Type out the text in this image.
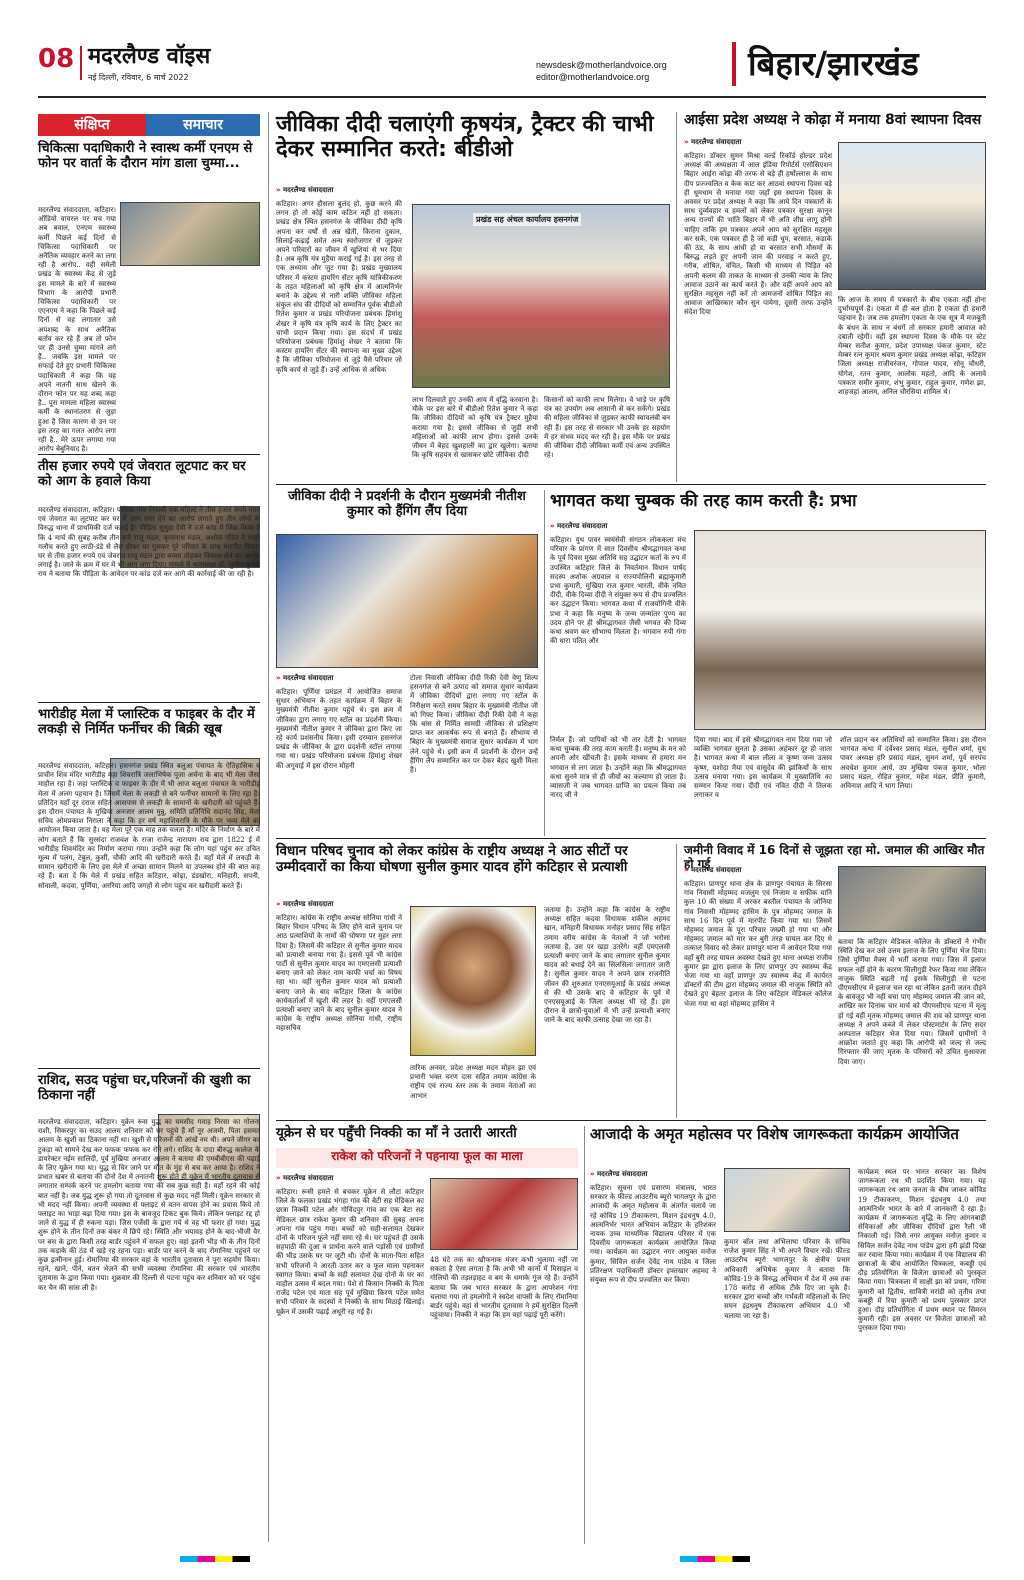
08 मदरलैण्ड वॉइस
नई दिल्ली, रविवार, 6 मार्च 2022
newsdesk@motherlandvoice.org
editor@motherlandvoice.org	बिहार/झारखंड
संक्षिप्त	समाचार
चिकित्सा पदाधिकारी ने स्वास्थ कर्मी एनएम से फोन पर वार्ता के दौरान मांग डाला चुम्मा...
मदरलैण्ड संवाददाता, कटिहार। ऑडियो वायरल पर मच गया अब बवाल, एनएम स्वास्थ्य कर्मी पिछले कई दिनों से चिकित्सा पदाधिकारी पर अनैतिक व्यवहार करने का लगा रही है आरोप.. वही समेली प्रखंड के स्वास्थ्य केंद्र से जुड़े इस मामले के बारे में स्वास्थ्य विभाग के आरोपी प्रभारी चिकित्सा पदाधिकारी पर एएनएम ने कहा कि पिछले कई दिनों से वह लगातार उसे अपशब्द के साथ अनैतिक बर्ताव कर रहे हैं अब तो फोन पर ही उनसे चुम्मा मांगने लगे हैं.. जबकि इस मामले पर सफाई देते हुए प्रभारी चिकित्सा पदाधिकारी ने कहा कि वह अपने नातनी साथ खेलने के दौरान फोन पर यह शब्द कहा है.. पूरा मामला महिला स्वास्थ्य कर्मी के स्थानांतरण से जुड़ा हुआ है जिस कारण से उन पर इस तरह का गलत आरोप लगा रही है.. मेरे ऊपर लगाया गया आरोप बेबुनियाद है।
तीस हजार रुपये एवं जेवरात लूटपाट कर घर को आग के हवाले किया
मदरलैण्ड संवाददाता, कटिहार। पोठिया गांव निवासी एक महिला ने तीस हजार रुपये नगद एवं जेवरात का लूटपाट कर घर में आग लगा देने का आरोप लगाते हुए तीन लोगों के विरुद्ध थाना में प्राथमिकी दर्ज कराई है। पीड़िता सुमुद्रा देवी ने दर्ज कांड में जिक्र किया है कि 4 मार्च की सुबह करीब तीन बजे राजू मंडल, कृपानाथ मंडल, अशोक पंडित ने गाली गलौच करते हुए लाठी-डंडे से लैस होकर घर घुसकर पूरे परिवार के साथ मारपीट किया। घर से तीस हजार रुपये एवं जेवरात राजू मंडल द्वारा बक्सा तोड़कर निकाल लेने का आरोप लगाई है। जाने के क्रम में घर में भी आग लगा दिया। मामले में थानाध्यक्ष डॉ. सुनील कुमार राय ने बताया कि पीड़िता के आवेदन पर कांड दर्ज कर आगे की कार्रवाई की जा रही है।
भारीडीह मेला में प्लास्टिक व फाइबर के दौर में लकड़ी से निर्मित फर्नीचर की बिक्री खूब
मदरलैण्ड संवाददाता, कटिहार। हसनगंज प्रखंड स्थित बलुआ पंचायत के ऐतिहासिक व प्राचीन शिव मंदिर भारीडीह महा शिवरात्रि जलाभिषेक पूजा अर्चना के बाद भी मेला जैसा माहौल रहा है। जहां प्लास्टिक व फाइबर के दौर में भी आज बलुआ पंचायत के भारीडीह मेला में अलग पहचान है। जिसमें मेला के लकड़ी से बने फर्नीचर सामानों के लिए रहा है। प्रतिदिन यहाँ दूर दराज सहित आसपास से लकड़ी के सामानों के खरीदारी को पहुंचते हैं। इस दौरान पंचायत के मुखिया अनजार आलम मुन्नु, समिति प्रतिनिधि सदानंद सिंह, मेला सचिव ओमप्रकाश निराला ने कहा कि हर वर्ष महाशिवरात्रि के मौके पर भव्य मेले का आयोजन किया जाता है। यह मेला पूरे एक माह तक चलता है। मंदिर के निर्माण के बारे में लोग बताते हैं कि सुरसंदा राजवंश के राजा राजेन्द्र नारायण राय द्वारा 1822 ई में भारीडीह शिवमंदिर का निर्माण कराया गया। उन्होंने कहा कि लोग यहां पहुंच कर उचित मूल्य में पलंग, टेबुल, कुर्सी, चौकी आदि की खरीदारी करते हैं। यहाँ मेले में लकड़ी के सामान खरीदारी के लिए इस मेले में अच्छा सामान मिलने या उपलब्ध होने की बात कह रहे हैं। बता दें कि मेले में प्रखंड सहित कटिहार, कोढ़ा, डंडखोरा, मनिहारी, सपनी, सोनाली, कदवा, पूर्णिया, अररिया आदि जगहों से लोग पहुंच कर खरीदारी करते हैं।
राशिद, सउद पहुंचा घर,परिजनों की खुशी का ठिकाना नहीं
मदरलैण्ड संवाददाता, कटिहार। यूक्रेन रूस युद्ध का घमसीद गवाह निरसा का गोलना राशी, सिकरपुर का सउद आलम शनिवार को घर पहुंचे हैं माँ नूर अजमी, पिता हसमत आलम के खुशी का ठिकाना नहीं था। खुशी से परिजनों की आंखें नम थी। अपने जीगर का टुकड़ा को सामने देख कर फफक फफक कर रोने लगे। राशिद के दादा बीरुद्ध कालेज के डायरेक्टर नईम सालिदी, पूर्व मुखिया अनजार आलम ने बताया की एमबीबीएस की पढ़ाई के लिए यूक्रेन गया था। युद्ध से घिर जाने पर मौत के मुंह से बच कर आया है। राशिद ने प्रभात खबर से बताया की दोनो देश में तनातनी शुरू होते ही यूक्रेन में भारतीय दूतावास से लगातार सम्पर्क करने पर हमलोग बताया गया की सब कुछ सही है। यहाँ रहने की कोई बात नहीं है। जब युद्ध शुरू हो गया तो दूतावास से कुछ मदद नहीं मिली। यूक्रेन सरकार से भी मदद नहीं किया। अपनी व्यवस्था से फ्लाइट से वतन वापस होने का प्रयास किये तो फ्लाइट का भाड़ा बढ़ा दिया गया। इस के बावजूद टिकट बुक किये। लेकिन फ्लाइट रद्द हो जाने से युद्ध में ही रुकना पड़ा। जिस एजेंसी के द्वारा गये थे वह भी फरार हो गया। युद्ध शुरू होने के तीन दिनों तक बंकर में छिपे रहे। स्थिति और भयावह होने के बाद-भीजी वैर पर बस के द्वारा किसी तरह बार्डर पहुंचने में सफल हुए। वहां इतनी भीड़ थी के तीन दिनों तक कड़ाके की ठंड में खड़े रह रहना पड़ा। बार्डर पार करने के बाद रोमानिया पहुंचने पर कुछ इत्मीनान हुई। रोमानिया की सरकार वहां के भारतीय दूतावास ने पूरा सहयोग किया। रहने, खाने, पीने, वतन भेजने की सभी व्यवस्था रोमानिया की सरकार एवं भारतीय दूतावास के द्वारा किया गया। शुक्रवार की दिल्ली से पटना पहुंच कर शनिवार को घर पहुंच कर चैन की सांस ली है।
जीविका दीदी चलाएंगी कृषयंत्र, ट्रैक्टर की चाभी देकर सम्मानित करते: बीडीओ
» मदरलैण्ड संवाददाता
कटिहार। अगर हौसला बुलंद हो, कुछ करने की लगन हो तो कोई काम कठिन नहीं हो सकता। प्रखंड क्षेत्र स्थित हसनगंज के जीविका दीदी कृषि अपना कर वर्षों से अन्न खेती, किराना दुकान, सिलाई-कढ़ाई समेत अन्य स्वरोजगार से जुड़कर अपने परिवारों का जीवन में खुशियां से भर दिया है। अब कृषि यंत्र मुहैया कराई गई है। इस तरह से एक अध्याय और जुट गया है। प्रखंड मुख्यालय परिसर में कस्टम हायरिंग सेंटर कृषि यांत्रिकीकरण के तहत महिलाओं को कृषि क्षेत्र में आत्मनिर्भर बनाने के उद्देश्य से नारी शक्ति जीविका महिला संकुल संघ की दीदियों को सम्मानित पूर्वक बीडीओ रितेश कुमार व प्रखंड परियोजना प्रबंधक हिमांशु शेखर ने कृषि यंत्र कृषि कार्य के लिए ट्रैक्टर का चाभी प्रदान किया गया। इस संदर्भ में प्रखंड परियोजना प्रबंधक हिमांशु शेखर ने बताया कि कस्टम हायरिंग सेंटर की स्थापना का मुख्य उद्देश्य है कि जीविका परियोजना से जुड़े वैसे परिवार जो कृषि कार्य से जुड़े हैं। उन्हें आधिक से अधिक
प्रखंड सह अंचल कार्यालय हसनगंज
लाभ दिलवाते हुए उनकी आय में वृद्धि करवाना है। मौके पर इस बारे में बीडीओ रितेश कुमार ने कहा कि जीविका दीदियों को कृषि यंत्र ट्रैक्टर मुहैया कराया गया है। इससे जीविका से जुड़ी सभी महिलाओं को काफी लाभ होगा। इससे उनके जीवन में बेहद खुशहाली का द्वार खुलेगा। बताया कि कृषि सहयंत्र से खासकर छोटे जीविका दीदी
किसानों को काफी लाभ मिलेगा। वे भाड़े पर कृषि यंत्र का उपयोग अब आसानी से कर सकेंगे। प्रखंड की महिला जीविका से जुड़कर काफी स्वावलंबी बन रही हैं। इस तरह से सरकार भी उनके हर सहयोग में हर संभव मदद कर रही है। इस मौके पर प्रखंड की जीविका दीदी जीविका कर्मी एवं अन्य उपस्थित रहे।
आईसा प्रदेश अध्यक्ष ने कोढ़ा में मनाया 8वां स्थापना दिवस
» मदरलैण्ड संवाददाता
कटिहार। डॉक्टर सुमन मिश्रा वर्ल्ड रिकॉर्ड होल्डर प्रदेश अध्यक्ष की अध्यक्षता में आल इंडिया रिपोर्टर्स एसोसिएशन बिहार आईरा कोढ़ा की तरफ से बड़े ही हर्षोल्लास के साथ दीप प्रज्ज्वलित व केक काट कर आठवां स्थापना दिवस बड़े ही धूमधाम से मनाया गया जहाँ इस स्थापना दिवस के अवसर पर प्रदेश अध्यक्ष ने कहा कि आये दिन पत्रकारों के साथ दुर्व्यवहार व हमलों को लेकर पत्रकार सुरक्षा कानून अन्य राज्यों की भांति बिहार में भी अति शीघ्र लागू होनी चाहिए ताकि हम पत्रकार अपने आप को सुरक्षित महसूस कर सकें, एक पत्रकार ही है जो कड़ी धूप, बरसात, कड़ाके की ठंड, के साथ आंधी हो या बरसात सभी मौसमों के बिरुद्ध लड़ते हुए अपनी जान की परवाह न करते हुए, गरीब, शोषित, वंचित, किसी भी माध्यम से पिड़ित को अपनी कलम की ताकत के माध्यम से उनकी न्याय के लिए आवाज उठाने का कार्य करते हैं। और वहीं अपने आप को सुरक्षित महसूस नहीं करें तो आमजनों शोषित पिड़ित का आवाज आखिरकार कौन सुन पायेगा, दूसरी तरफ उन्होंने संदेश दिया
कि आज के समय में पत्रकारों के बीच एकता नहीं होना दुर्भाग्यपूर्ण है। एकता में ही बल होता है एकता ही हमारी पहचान है। जब तक हमलोग एकता के एक सूत्र में मजबूती के बंधन के साथ न बंधगें तो सरकार हमारी आवाज को दबाती रहेगी। वहीं इस स्थापना दिवस के मौके पर स्टेट मेम्बर सतीश कुमार, प्रदेश उपाध्यक्ष पंकज कुमार, स्टेट मेम्बर रत्न कुमार श्रवण कुमार प्रखंड अध्यक्ष कोढ़ा, कटिहार जिला अध्यक्ष राजीवरंजन, गोपाल यादव, सोनू चौधरी, योगेश, रतन कुमार, आलोक महतो, आदि के अलावे पत्रकार समीर कुमार, शंभु कुमार, राहुल कुमार, गणेश झा, शाहजहां आलम, अनिल चौरसिया शामिल थे।
जीविका दीदी ने प्रदर्शनी के दौरान मुख्यमंत्री नीतीश कुमार को हैंगिंग लैंप दिया
» मदरलैण्ड संवाददाता
कटिहार। पूर्णिया प्रमंडल में आयोजित समाज सुधार अभियान के तहत कार्यक्रम में बिहार के मुख्यमंत्री नीतीश कुमार पहुंचे थे। इस क्रम में जीविका द्वारा लगाए गए स्टॉल का प्रदर्शनी किया। मुख्यमंत्री नीतीश कुमार ने जीविका द्वारा किए जा रहे कार्य प्रशंसनीय किया। इसी दरम्यान हसनगंज प्रखंड के जीविका के द्वारा प्रदर्शनी स्टॉल लगाया गया था। प्रखंड परियोजना प्रबंधक हिमांशु शेखर की अगुवाई में इस दौरान मोहनी
टोला निवासी जीविका दीदी रिंकी देवी वेणु शिल्प हसनगंज से बने उत्पाद को समाज सुधार कार्यक्रम में जीविका दीदियों द्वारा लगाए गए स्टॉल के निरीक्षण करते समय बिहार के मुख्यमंत्री नीतीश जी को गिफ्ट किया। जीविका दीदी रिंकी देवी ने कहा कि बांस से निर्मित सामग्री जीविका से प्रशिक्षण प्राप्त कर आकर्षक रूप से बनाते हैं। सौभाग्य से बिहार के मुख्यमंत्री समाज सुधार कार्यक्रम में भाग लेने पहुंचे थे। इसी क्रम में प्रदर्शनी के दौरान उन्हें हैंगिंग लैंप सम्मानित कर पर देकर बेहद खुशी मिला है।
भागवत कथा चुम्बक की तरह काम करती है: प्रभा
» मदरलैण्ड संवाददाता
कटिहार। युथ पावर स्वयंसेवी संगठन लोककला मंच परिवार के प्रांगण में सात दिवसीय श्रीमद्भागवत कथा के पूर्व दिवस मुख्य अतिथि सह उद्घाटन कर्ता के रुप में उपस्थित कटिहार जिले के निवर्तमान विधान पार्षद सदस्य अशोक अग्रवाल व राज्यपोलिनी ब्रह्माकुमारी प्रभा कुमारी, मुखिया राज कुमार भारती, वीके नवित दीदी, वीके दिव्या दीदी ने संयुक्त रूप से दीप प्रज्वलित कर उद्घाटन किया। भागवत कथा में राजयोगिनी वीके प्रभा ने कहा कि मनुष्य के जन्म जन्मांतर पुण्य का उदय होने पर ही श्रीमद्भागवत जैसी भगवत की दिव्य कथा श्रवण कर सौभाग्य मिलता है। भगवान रुपी गंगा की धारा पतित और
निर्मल हैं। जो पापियों को भी तार देती है। भागवत कथा चुम्बक की तरह काम करती है। मनुष्य के मन को अपनी ओर खींचती है। इसके माध्यम से हमारा मन भगवान से लग जाता है। उन्होंने कहा कि श्रीमद्भागवत कथा सुनने मात्र से ही जीवों का कल्याण हो जाता है। व्यासजी ने जब भागवत प्राप्ति का प्रयत्न किया तब नारद जी ने
दिया गया। बाद में इसे श्रीमद्भागवत नाम दिया गया जो व्यक्ति भागवत सुनता है उसका अहंकार दूर हो जाता है। भागवत कथा में बाल लीला व कृष्ण जन्म उत्सव कृष्ण, यशोदा मैया एवं वासुदेव की झांकियों के साथ उत्सव मनाया गया। इस कार्यक्रम में मुख्यातिथि का सम्मान किया गया। दीदी एवं नवित दीदी ने तिलक लगाकर व
शॉल प्रदान कर अतिथियों को सम्मानित किया। इस दौरान भागवत कथा में दर्वेश्वर प्रसाद मंडल, सुनील शर्मा, युथ पावर अध्यक्ष हरि प्रसाद मंडल, सुमन शर्मा, पूर्व सरपंच अवधेश कुमार आर्य, उप मुखिया पंकज कुमार, भोला प्रसाद मंडल, रोहित कुमार, महेश मंडल, प्रीति कुमारी, अविनाश आदि ने भाग लिया।
विधान परिषद चुनाव को लेकर कांग्रेस के राष्ट्रीय अध्यक्ष ने आठ सीटों पर उम्मीदवारों का किया घोषणा सुनील कुमार यादव होंगे कटिहार से प्रत्याशी
» मदरलैण्ड संवाददाता
कटिहार। कांग्रेस के राष्ट्रीय अध्यक्ष सोनिया गांधी ने बिहार विधान परिषद के लिए होने वाले चुनाव पर आठ प्रत्याशियों के नामों की घोषणा पर मुहर लगा दिया है। जिसमें की कटिहार से सुनील कुमार यादव को प्रत्याशी बनाया गया है। इससे पूर्व भी कांग्रेस पार्टी से सुनील कुमार यादव का एमएलसी प्रत्याशी बनाए जाने को लेकर नाम काफी चर्चा का विषय रहा था। वहीं सुनील कुमार यादव को प्रत्याशी बनाए जाने के बाद कटिहार जिला के कांग्रेस कार्यकर्ताओं में खुशी की लहर है। वहीं एमएलसी प्रत्याशी बनाए जाने के बाद सुनील कुमार यादव ने कांग्रेस के राष्ट्रीय अध्यक्ष सोनिया गांधी, राष्ट्रीय महासचिव
तारिक अनवर, प्रदेश अध्यक्ष मदन मोहन झा एवं प्रभारी भक्त चरण दास सहित तमाम कांग्रेस के राष्ट्रीय एवं राज्य स्तर तक के तमाम नेताओं का आभार
जताया है। उन्होंने कहा कि कांग्रेस के राष्ट्रीय अध्यक्ष सहित कदवा विधायक शकील अहमद खान, मनिहारी विधायक मनोहर प्रसाद सिंह सहित तमाम वरीय कांग्रेस के नेताओं ने जो भरोसा जताया है, उस पर खड़ा उतरेंगे। वहीं एमएलसी प्रत्याशी बनाए जाने के बाद लगातार सुनील कुमार यादव को बधाई देने का सिलसिला लगातार जारी है। सुनील कुमार यादव ने अपने छात्र राजनीति जीवन की शुरुआत एनएसयूआई के प्रखंड अध्यक्ष से की थी उसके बाद वे कटिहार के पूर्व में एनएसयूआई के जिला अध्यक्ष भी रहे हैं। इस दौरान वे छात्रों-युवाओं में भी उन्हें प्रत्याशी बनाए जाने के बाद काफी उत्साह देखा जा रहा है।
जमीनी विवाद में 16 दिनों से जूझता रहा मो. जमाल की आखिर मौत हो गई
» मदरलैण्ड संवाददाता
कटिहार। प्राणपुर थाना क्षेत्र के प्राणपुर पंचायत के सिरसा गांव निवासी मोहम्मद मजलुम एवं निजाम व सफीक यानि कुल 10 की संख्या में अरकर बस्तील पंचायत के जोनिया गांव निवासी मोहम्मद हासिम के पुत्र मोहम्मद जमाल के साथ 16 दिन पूर्व में मारपीट किया गया था। जिसमें मोहम्मद जमाल के पूरा परिवार जख्मी हो गया था और मोहम्मद जमाल को मार कर बुरी तरह घायल कर दिए थे तत्काल विवाद को लेकर प्राणपुर थाना में आवेदन दिया गया वहाँ बुरी तरह घायल अवस्था देखते हुए थाना अध्यक्ष राजीव कुमार झा द्वारा इलाज के लिए प्राणपुर उप स्वास्थ्य केंद्र भेजा गया था वहाँ प्राणपुर उप स्वास्थ्य केंद्र में कार्यरत डॉक्टरों की टीम द्वारा मोहम्मद जमाल की नाजुक स्थिति को देखते हुए बेहतर इलाज के लिए कटिहार मेडिकल कॉलेज भेजा गया था वहां मोहम्मद हासिम ने
बताया कि कटिहार मेडिकल कॉलेज के डॉक्टरों ने गंभीर स्थिति देख कर उसे उत्तम इलाज के लिए पूर्णिया भेज दिया। जिसे पूर्णिया मैक्स में भर्ती कराया गया। जिस में इलाज सफल नहीं होने के कारण सिलीगुड़ी रेफर किया गया लेकिन नाजुक स्थिति बढ़ती गई इसके सिलीगुड़ी से पटना पीएमसीएच में इलाज चल रहा था लेकिन इतनी जतन दौड़ने के बावजूद भी नहीं बचा पाए मोहम्मद जमाल की जान को, आखिर कर दिनांक चार मार्च को पीएमसीएच पटना में मृत्यु हो गई वहीं मृतक मोहम्मद जमाल की शव को प्राणपुर थाना अध्यक्ष ने अपने कब्जे में लेकर पोस्टमार्टम के लिए सदर अस्पताल कटिहार भेज दिया गया। जिसमें ग्रामीणों ने आक्रोश जताते हुए कहा कि आरोपी को जल्द से जल्द गिरफ्तार की जाए मृतक के परिवारों को उचित मुआवजा दिया जाए।
यूक्रेन से घर पहुँची निक्की का माँ ने उतारी आरती
राकेश को परिजनों ने पहनाया फूल का माला
» मदरलैण्ड संवाददाता
कटिहार। रूसी हमले से बचकर यूक्रेन से लौटा कटिहार जिले के फलका प्रखंड भंगहा गांव की बेटी सह मेडिकल का छात्रा निक्की पटेल और गोविंदपुर गांव का एक बेटा सह मेडिकल छात्र राकेश कुमार की शनिवार की सुबह अपना अपना गांव पहुंच गया। बच्चों को सही-सलामत देखकर दोनों के परिजन फूले नहीं समा रहे थे। घर पहुंचते ही उसके सहपाठी की दुआ व प्रार्थना करने वाले पड़ोसी एवं ग्रामीणों की भीड़ उसके घर पर जुटी थी। दोनों के माता-पिता सहित सभी परिजनों ने आरती उतार कर व फूल माला पहनाकर स्वागत किया। बच्चों के सही सलामत देख दोनों के घर का माहौल उत्सव में बदल गया। पेशे से किसान निक्की के पिता राजेंद्र पटेल एवं माता सह पूर्व मुखिया किरण पटेल समेत सभी परिवार के सदस्यों ने निक्की के साथ मिठाई खिलाई। यूक्रेन में उसकी पढ़ाई अधूरी रह गई है।
48 घंटे तक का खौफनाक मंजर कभी भुलाया नहीं जा सकता है ऐसा लगता है कि अभी भी कानों में मिसाइल व गोलियों की तड़तड़ाहट व बम के धमाके गूंज रहे हैं। उन्होंने बताया कि जब भारत सरकार के द्वारा आपरेशन गंगा चलाया गया तो हमलोगों ने स्वदेश वापसी के लिए रोमानिया बार्डर पहुंचे। वहां से भारतीय दूतावास ने हमें सुरक्षित दिल्ली पहुंचाया। निक्की ने कहा कि हम वहां पढ़ाई पूरी करेंगे।
आजादी के अमृत महोत्सव पर विशेष जागरूकता कार्यक्रम आयोजित
» मदरलैण्ड संवाददाता
कटिहार। सूचना एवं प्रसारण मंत्रालय, भारत सरकार के फील्ड आउटरीच ब्यूरो भागलपुर के द्वारा आजादी के अमृत महोत्सव के अंतर्गत चलाये जा रहे कोविड 19 टीकाकरण, मिशन इंद्रधनुष 4.0, आत्मनिर्भर भारत अभियान कटिहार के हरिशंकर नायक उच्च माध्यमिक विद्यालय परिसर में एक दिवसीय जागरूकता कार्यक्रम आयोजित किया गया। कार्यक्रम का उद्घाटन नगर आयुक्त मनोज कुमार, सिविल सर्जन देवेंद्र नाथ पांडेय व जिला प्रतिरक्षण पदाधिकारी डॉक्टर इफ्तखार अहमद ने संयुक्त रूप से दीप प्रज्वलित कर किया।
कुमार बॉल तथा अभिलाषा परिवार के संचिव राजेश कुमार सिंह ने भी अपने विचार रखें। फील्ड आउटरीच ब्यूरो भागलपुर के क्षेत्रीय प्रचार अधिकारी अभिषेक कुमार ने बताया कि कोविड-19 के विरुद्ध अभियान में देश में अब तक 178 करोड़ से अधिक टीके दिए जा चुके हैं। सरकार द्वारा बच्चों और गर्भवती महिलाओं के लिए सघन इंद्रधनुष टीकाकरण अभियान 4.0 भी चलाया जा रहा है।
कार्यक्रम स्थल पर भारत सरकार का विशेष जागरूकता रथ भी प्रदर्शित किया गया। यह जागरूकता रथ आम जनता के बीच जाकर कोविड 19 टीकाकरण, मिशन इंद्रधनुष 4.0 तथा आत्मनिर्भर भारत के बारे में जानकारी दे रहा है। कार्यक्रम में जागरूकता वृद्धि के लिए आंगनबाड़ी सेविकाओं और जीविका दीदियों द्वारा रैली भी निकाली गई। जिसे नगर आयुक्त मनोज कुमार व सिविल सर्जन देवेंद्र नाथ पांडेय द्वारा हरी झंडी दिखा कर रवाना किया गया। कार्यक्रम में एक विद्यालय की छात्राओं के बीच आयोजित चित्रकला, कबड्डी एवं दौड़ प्रतियोगिता के विजेता छात्राओं को पुरस्कृत किया गया। चित्रकला में साक्षी झा को प्रथम, गरिमा कुमारी को द्वितीय, सावित्री मरांडी को तृतीय तथा कबड्डी में रिया कुमारी को प्रथम पुरस्कार प्राप्त हुआ। दौड़ प्रतियोगिता में प्रथम स्थान पर सिमरन कुमारी रही। इस अवसर पर विजेता छात्राओं को पुरस्कार दिया गया।
